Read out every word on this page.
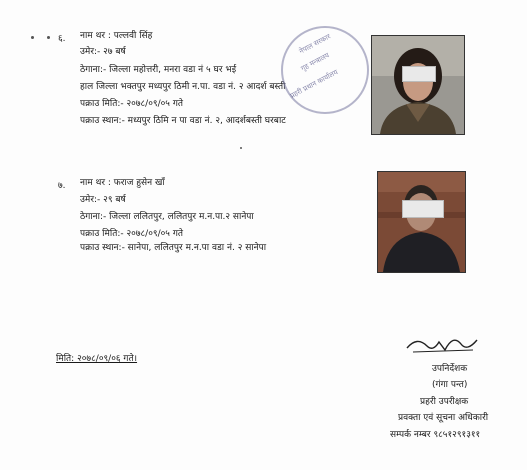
६. नाम थर : पल्लवी सिंह
उमेर:- २७ बर्ष
ठेगाना:- जिल्ला महोत्तरी, मनरा वडा नं ५ घर भई
हाल जिल्ला भक्तपुर मध्यपुर ठिमी न.पा. वडा नं. २ आदर्श बस्ती
पक्राउ मिति:- २०७८/०९/०५ गते
पक्राउ स्थान:- मध्यपुर ठिमि न पा वडा नं. २, आदर्शबस्ती घरबाट
नेपाल सरकार
गृह मन्त्रालय
प्रहरी प्रधान कार्यालय
७. नाम थर : फराज हुसेन खाँ
उमेर:- २९ बर्ष
ठेगाना:- जिल्ला ललितपुर, ललितपुर म.न.पा.२ सानेपा
पक्राउ मिति:- २०७८/०९/०५ गते
पक्राउ स्थान:- सानेपा, ललितपुर म.न.पा वडा नं. २ सानेपा
मिति: २०७८/०९/०६ गते।
उपनिर्देशक
(गंगा पन्त)
प्रहरी उपरीक्षक
प्रवक्ता एवं सूचना अधिकारी
सम्पर्क नम्बर ९८५१२९१३११
